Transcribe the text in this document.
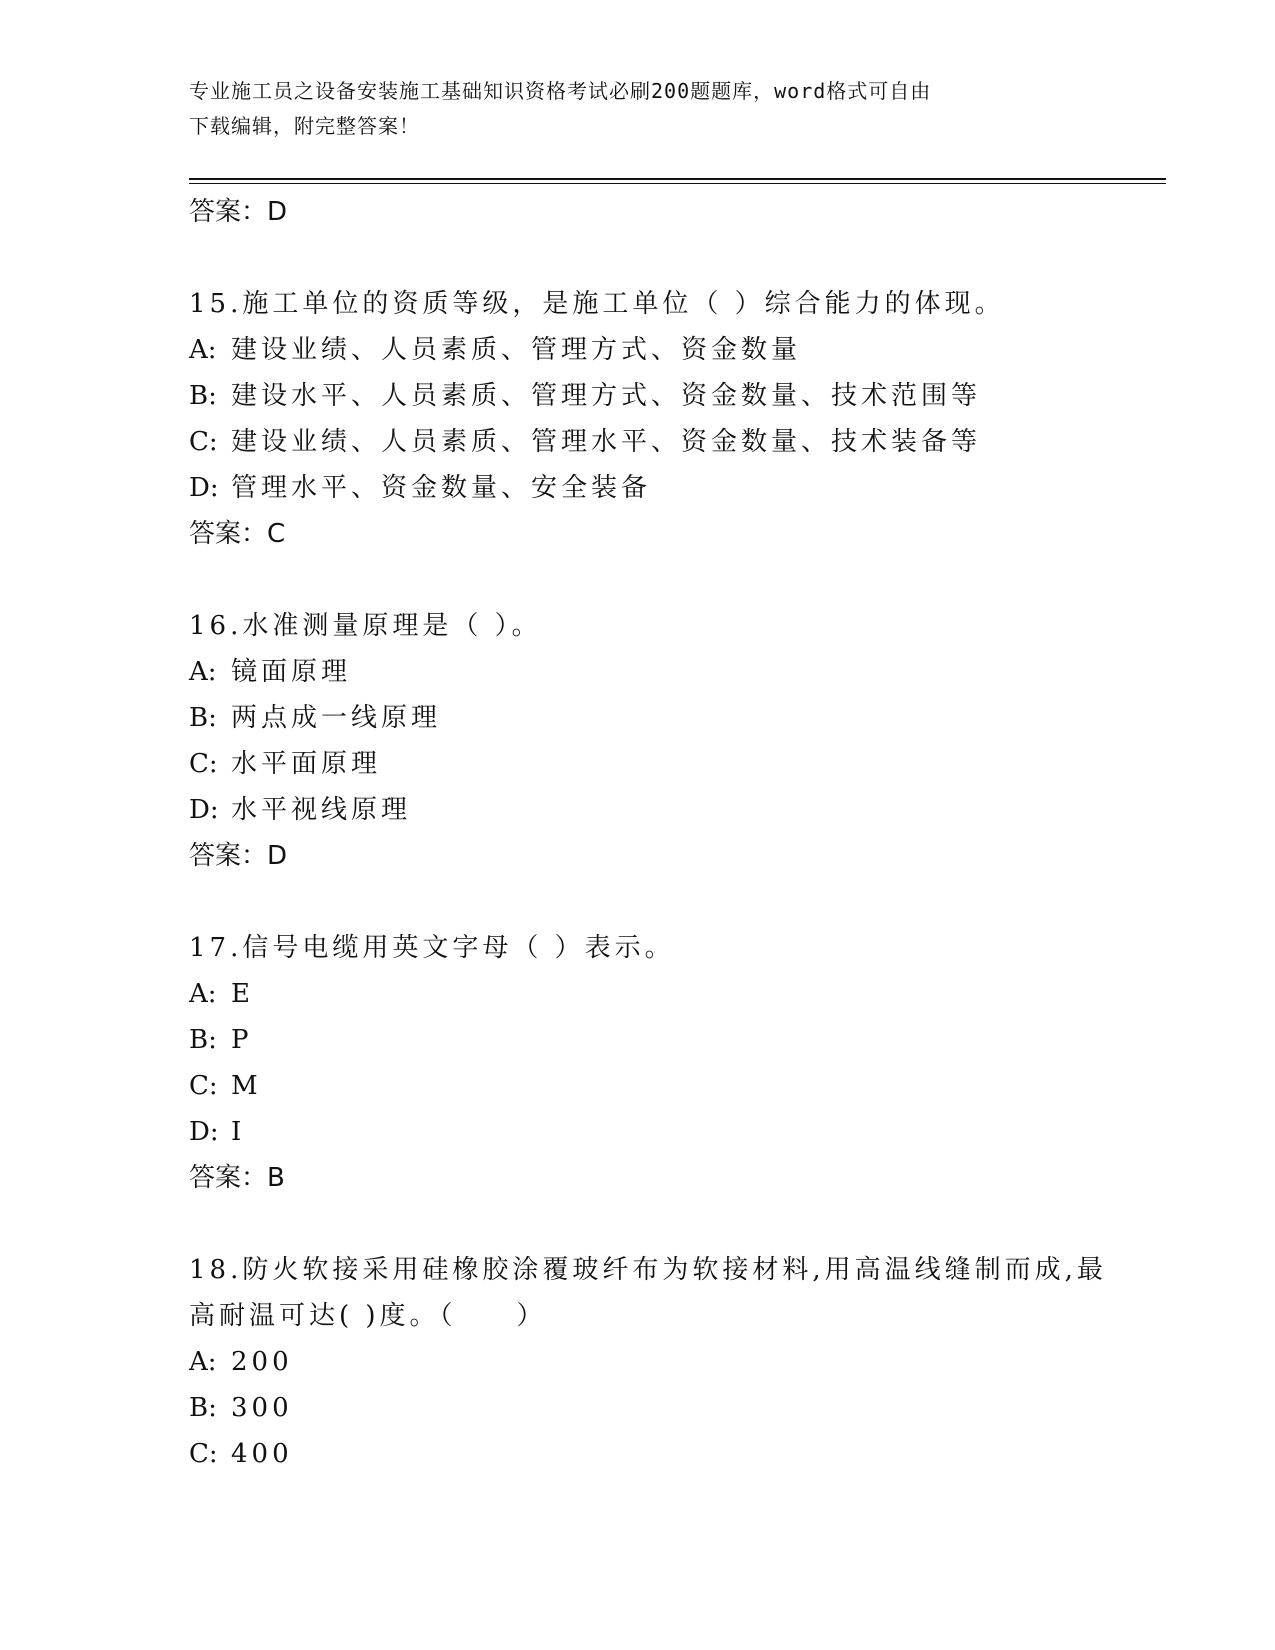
专业施工员之设备安装施工基础知识资格考试必刷200题题库，word格式可自由
下载编辑，附完整答案！
答案：D
15.施工单位的资质等级，是施工单位（ ）综合能力的体现。
A: 建设业绩、人员素质、管理方式、资金数量
B: 建设水平、人员素质、管理方式、资金数量、技术范围等
C: 建设业绩、人员素质、管理水平、资金数量、技术装备等
D: 管理水平、资金数量、安全装备
答案：C
16.水准测量原理是（ ）。
A: 镜面原理
B: 两点成一线原理
C: 水平面原理
D: 水平视线原理
答案：D
17.信号电缆用英文字母（ ）表示。
A: E
B: P
C: M
D: I
答案：B
18.防火软接采用硅橡胶涂覆玻纤布为软接材料,用高温线缝制而成,最
高耐温可达( )度。（　　）
A: 200
B: 300
C: 400
